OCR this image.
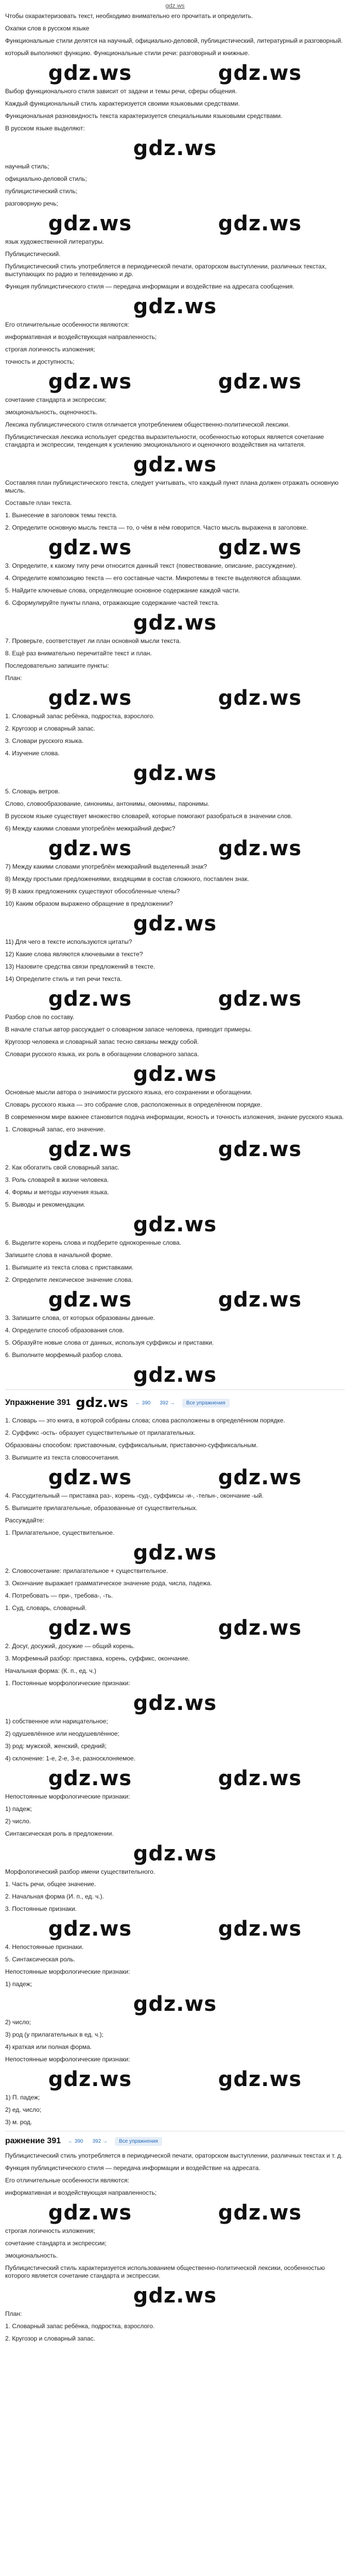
gdz.ws
Чтобы охарактеризовать текст, необходимо внимательно его прочитать и определить.
Охапки слов в русском языке
Функциональные стили делятся на научный, официально-деловой, публицистический, литературный и разговорный.
который выполняют функцию. Функциональные стили речи: разговорный и книжные.
gdz.ws	gdz.ws
Выбор функционального стиля зависит от задачи и темы речи, сферы общения.
Каждый функциональный стиль характеризуется своими языковыми средствами.
Функциональная разновидность текста характеризуется специальными языковыми средствами.
В русском языке выделяют:
gdz.ws
научный стиль;
официально-деловой стиль;
публицистический стиль;
разговорную речь;
gdz.ws	gdz.ws
язык художественной литературы.
Публицистический.
Публицистический стиль употребляется в периодической печати, ораторском выступлении, различных текстах, выступающих по радио и телевидению и др.
Функция публицистического стиля — передача информации и воздействие на адресата сообщения.
gdz.ws
Его отличительные особенности являются:
информативная и воздействующая направленность;
строгая логичность изложения;
точность и доступность;
gdz.ws	gdz.ws
сочетание стандарта и экспрессии;
эмоциональность, оценочность.
Лексика публицистического стиля отличается употреблением общественно-политической лексики.
Публицистическая лексика использует средства выразительности, особенностью которых является сочетание стандарта и экспрессии, тенденция к усилению эмоционального и оценочного воздействия на читателя.
gdz.ws
Составляя план публицистического текста, следует учитывать, что каждый пункт плана должен отражать основную мысль.
Составьте план текста.
1. Вынесение в заголовок темы текста.
2. Определите основную мысль текста — то, о чём в нём говорится. Часто мысль выражена в заголовке.
gdz.ws	gdz.ws
3. Определите, к какому типу речи относится данный текст (повествование, описание, рассуждение).
4. Определите композицию текста — его составные части. Микротемы в тексте выделяются абзацами.
5. Найдите ключевые слова, определяющие основное содержание каждой части.
6. Сформулируйте пункты плана, отражающие содержание частей текста.
gdz.ws
7. Проверьте, соответствует ли план основной мысли текста.
8. Ещё раз внимательно перечитайте текст и план.
Последовательно запишите пункты:
План:
gdz.ws	gdz.ws
1. Словарный запас ребёнка, подростка, взрослого.
2. Кругозор и словарный запас.
3. Словари русского языка.
4. Изучение слова.
gdz.ws
5. Словарь ветров.
Слово, словообразование, синонимы, антонимы, омонимы, паронимы.
В русском языке существует множество словарей, которые помогают разобраться в значении слов.
6) Между какими словами употреблён межкрайний дефис?
gdz.ws	gdz.ws
7) Между какими словами употреблён межкрайний выделенный знак?
8) Между простыми предложениями, входящими в состав сложного, поставлен знак.
9) В каких предложениях существуют обособленные члены?
10) Каким образом выражено обращение в предложении?
gdz.ws
11) Для чего в тексте используются цитаты?
12) Какие слова являются ключевыми в тексте?
13) Назовите средства связи предложений в тексте.
14) Определите стиль и тип речи текста.
gdz.ws	gdz.ws
Разбор слов по составу.
В начале статьи автор рассуждает о словарном запасе человека, приводит примеры.
Кругозор человека и словарный запас тесно связаны между собой.
Словари русского языка, их роль в обогащении словарного запаса.
gdz.ws
Основные мысли автора о значимости русского языка, его сохранении и обогащении.
Словарь русского языка — это собрание слов, расположенных в определённом порядке.
В современном мире важнее становится подача информации, ясность и точность изложения, знание русского языка.
1. Словарный запас, его значение.
gdz.ws	gdz.ws
2. Как обогатить свой словарный запас.
3. Роль словарей в жизни человека.
4. Формы и методы изучения языка.
5. Выводы и рекомендации.
gdz.ws
6. Выделите корень слова и подберите однокоренные слова.
Запишите слова в начальной форме.
1. Выпишите из текста слова с приставками.
2. Определите лексическое значение слова.
gdz.ws	gdz.ws
3. Запишите слова, от которых образованы данные.
4. Определите способ образования слов.
5. Образуйте новые слова от данных, используя суффиксы и приставки.
6. Выполните морфемный разбор слова.
gdz.ws
Упражнение 391 gdz.ws	← 390	392 →	Все упражнения
1. Словарь — это книга, в которой собраны слова; слова расположены в определённом порядке.
2. Суффикс -ость- образует существительные от прилагательных.
Образованы способом: приставочным, суффиксальным, приставочно-суффиксальным.
3. Выпишите из текста словосочетания.
gdz.ws	gdz.ws
4. Рассудительный — приставка раз-, корень -суд-, суффиксы -и-, -тельн-, окончание -ый.
5. Выпишите прилагательные, образованные от существительных.
Рассуждайте:
1. Прилагательное, существительное.
gdz.ws
2. Словосочетание: прилагательное + существительное.
3. Окончание выражает грамматическое значение рода, числа, падежа.
4. Потребовать — при-, требова-, -ть.
1. Суд, словарь, словарный.
gdz.ws	gdz.ws
2. Досуг, досужий, досужие — общий корень.
3. Морфемный разбор: приставка, корень, суффикс, окончание.
Начальная форма: (К. п., ед. ч.)
1. Постоянные морфологические признаки:
gdz.ws
1) собственное или нарицательное;
2) одушевлённое или неодушевлённое;
3) род: мужской, женский, средний;
4) склонение: 1-е, 2-е, 3-е, разносклоняемое.
gdz.ws	gdz.ws
Непостоянные морфологические признаки:
1) падеж;
2) число.
Синтаксическая роль в предложении.
gdz.ws
Морфологический разбор имени существительного.
1. Часть речи, общее значение.
2. Начальная форма (И. п., ед. ч.).
3. Постоянные признаки.
gdz.ws	gdz.ws
4. Непостоянные признаки.
5. Синтаксическая роль.
Непостоянные морфологические признаки:
1) падеж;
gdz.ws
2) число;
3) род (у прилагательных в ед. ч.);
4) краткая или полная форма.
Непостоянные морфологические признаки:
gdz.ws	gdz.ws
1) П. падеж;
2) ед. число;
3) м. род.
ражнение 391	← 390	392 →	Все упражнения
Публицистический стиль употребляется в периодической печати, ораторском выступлении, различных текстах и т. д.
Функция публицистического стиля — передача информации и воздействие на адресата.
Его отличительные особенности являются:
информативная и воздействующая направленность;
gdz.ws	gdz.ws
строгая логичность изложения;
сочетание стандарта и экспрессии;
эмоциональность.
Публицистический стиль характеризуется использованием общественно-политической лексики, особенностью которого является сочетание стандарта и экспрессии.
gdz.ws
План:
1. Словарный запас ребёнка, подростка, взрослого.
2. Кругозор и словарный запас.
